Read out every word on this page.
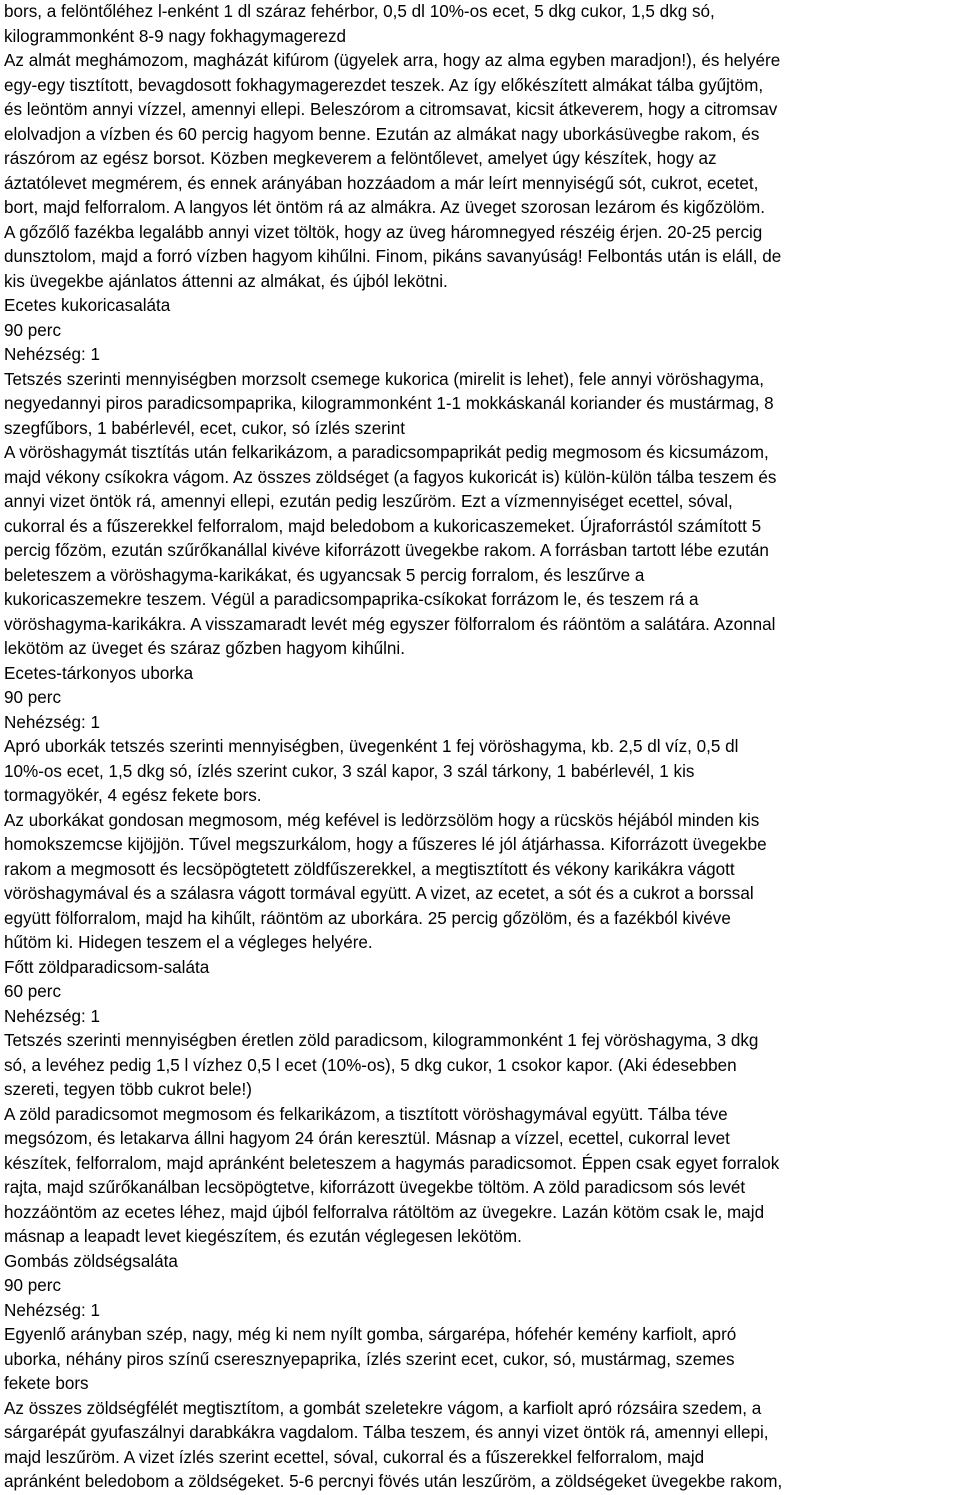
bors, a felöntőléhez l-enként 1 dl száraz fehérbor, 0,5 dl 10%-os ecet, 5 dkg cukor, 1,5 dkg só,
kilogrammonként 8-9 nagy fokhagymagerezd
Az almát meghámozom, magházát kifúrom (ügyelek arra, hogy az alma egyben maradjon!), és helyére
egy-egy tisztított, bevagdosott fokhagymagerezdet teszek. Az így előkészített almákat tálba gyűjtöm,
és leöntöm annyi vízzel, amennyi ellepi. Beleszórom a citromsavat, kicsit átkeverem, hogy a citromsav
elolvadjon a vízben és 60 percig hagyom benne. Ezután az almákat nagy uborkásüvegbe rakom, és
rászórom az egész borsot. Közben megkeverem a felöntőlevet, amelyet úgy készítek, hogy az
áztatólevet megmérem, és ennek arányában hozzáadom a már leírt mennyiségű sót, cukrot, ecetet,
bort, majd felforralom. A langyos lét öntöm rá az almákra. Az üveget szorosan lezárom és kigőzölöm.
A gőzőlő fazékba legalább annyi vizet töltök, hogy az üveg háromnegyed részéig érjen. 20-25 percig
dunsztolom, majd a forró vízben hagyom kihűlni. Finom, pikáns savanyúság! Felbontás után is eláll, de
kis üvegekbe ajánlatos áttenni az almákat, és újból lekötni.
Ecetes kukoricasaláta
90 perc
Nehézség: 1
Tetszés szerinti mennyiségben morzsolt csemege kukorica (mirelit is lehet), fele annyi vöröshagyma,
negyedannyi piros paradicsompaprika, kilogrammonként 1-1 mokkáskanál koriander és mustármag, 8
szegfűbors, 1 babérlevél, ecet, cukor, só ízlés szerint
A vöröshagymát tisztítás után felkarikázom, a paradicsompaprikát pedig megmosom és kicsumázom,
majd vékony csíkokra vágom. Az összes zöldséget (a fagyos kukoricát is) külön-külön tálba teszem és
annyi vizet öntök rá, amennyi ellepi, ezután pedig leszűröm. Ezt a vízmennyiséget ecettel, sóval,
cukorral és a fűszerekkel felforralom, majd beledobom a kukoricaszemeket. Újraforrástól számított 5
percig főzöm, ezután szűrőkanállal kivéve kiforrázott üvegekbe rakom. A forrásban tartott lébe ezután
beleteszem a vöröshagyma-karikákat, és ugyancsak 5 percig forralom, és leszűrve a
kukoricaszemekre teszem. Végül a paradicsompaprika-csíkokat forrázom le, és teszem rá a
vöröshagyma-karikákra. A visszamaradt levét még egyszer fölforralom és ráöntöm a salátára. Azonnal
lekötöm az üveget és száraz gőzben hagyom kihűlni.
Ecetes-tárkonyos uborka
90 perc
Nehézség: 1
Apró uborkák tetszés szerinti mennyiségben, üvegenként 1 fej vöröshagyma, kb. 2,5 dl víz, 0,5 dl
10%-os ecet, 1,5 dkg só, ízlés szerint cukor, 3 szál kapor, 3 szál tárkony, 1 babérlevél, 1 kis
tormagyökér, 4 egész fekete bors.
Az uborkákat gondosan megmosom, még kefével is ledörzsölöm hogy a rücskös héjából minden kis
homokszemcse kijöjjön. Tűvel megszurkálom, hogy a fűszeres lé jól átjárhassa. Kiforrázott üvegekbe
rakom a megmosott és lecsöpögtetett zöldfűszerekkel, a megtisztított és vékony karikákra vágott
vöröshagymával és a szálasra vágott tormával együtt. A vizet, az ecetet, a sót és a cukrot a borssal
együtt fölforralom, majd ha kihűlt, ráöntöm az uborkára. 25 percig gőzölöm, és a fazékból kivéve
hűtöm ki. Hidegen teszem el a végleges helyére.
Főtt zöldparadicsom-saláta
60 perc
Nehézség: 1
Tetszés szerinti mennyiségben éretlen zöld paradicsom, kilogrammonként 1 fej vöröshagyma, 3 dkg
só, a levéhez pedig 1,5 l vízhez 0,5 l ecet (10%-os), 5 dkg cukor, 1 csokor kapor. (Aki édesebben
szereti, tegyen több cukrot bele!)
A zöld paradicsomot megmosom és felkarikázom, a tisztított vöröshagymával együtt. Tálba téve
megsózom, és letakarva állni hagyom 24 órán keresztül. Másnap a vízzel, ecettel, cukorral levet
készítek, felforralom, majd apránként beleteszem a hagymás paradicsomot. Éppen csak egyet forralok
rajta, majd szűrőkanálban lecsöpögtetve, kiforrázott üvegekbe töltöm. A zöld paradicsom sós levét
hozzáöntöm az ecetes léhez, majd újból felforralva rátöltöm az üvegekre. Lazán kötöm csak le, majd
másnap a leapadt levet kiegészítem, és ezután véglegesen lekötöm.
Gombás zöldségsaláta
90 perc
Nehézség: 1
Egyenlő arányban szép, nagy, még ki nem nyílt gomba, sárgarépa, hófehér kemény karfiolt, apró
uborka, néhány piros színű cseresznyepaprika, ízlés szerint ecet, cukor, só, mustármag, szemes
fekete bors
Az összes zöldségfélét megtisztítom, a gombát szeletekre vágom, a karfiolt apró rózsáira szedem, a
sárgarépát gyufaszálnyi darabkákra vagdalom. Tálba teszem, és annyi vizet öntök rá, amennyi ellepi,
majd leszűröm. A vizet ízlés szerint ecettel, sóval, cukorral és a fűszerekkel felforralom, majd
apránként beledobom a zöldségeket. 5-6 percnyi fövés után leszűröm, a zöldségeket üvegekbe rakom,
